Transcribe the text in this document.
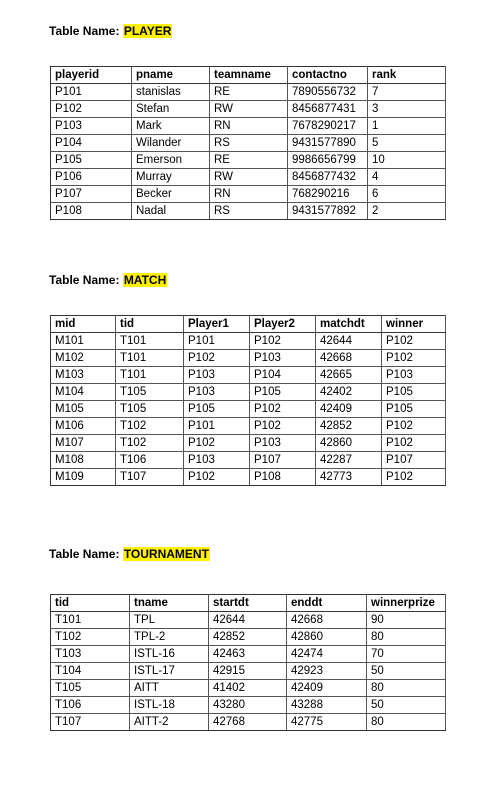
Table Name: PLAYER
playerid	pname	teamname	contactno	rank
P101	stanislas	RE	7890556732	7
P102	Stefan	RW	8456877431	3
P103	Mark	RN	7678290217	1
P104	Wilander	RS	9431577890	5
P105	Emerson	RE	9986656799	10
P106	Murray	RW	8456877432	4
P107	Becker	RN	768290216	6
P108	Nadal	RS	9431577892	2
Table Name: MATCH
mid	tid	Player1	Player2	matchdt	winner
M101	T101	P101	P102	42644	P102
M102	T101	P102	P103	42668	P102
M103	T101	P103	P104	42665	P103
M104	T105	P103	P105	42402	P105
M105	T105	P105	P102	42409	P105
M106	T102	P101	P102	42852	P102
M107	T102	P102	P103	42860	P102
M108	T106	P103	P107	42287	P107
M109	T107	P102	P108	42773	P102
Table Name: TOURNAMENT
tid	tname	startdt	enddt	winnerprize
T101	TPL	42644	42668	90
T102	TPL-2	42852	42860	80
T103	ISTL-16	42463	42474	70
T104	ISTL-17	42915	42923	50
T105	AITT	41402	42409	80
T106	ISTL-18	43280	43288	50
T107	AITT-2	42768	42775	80
